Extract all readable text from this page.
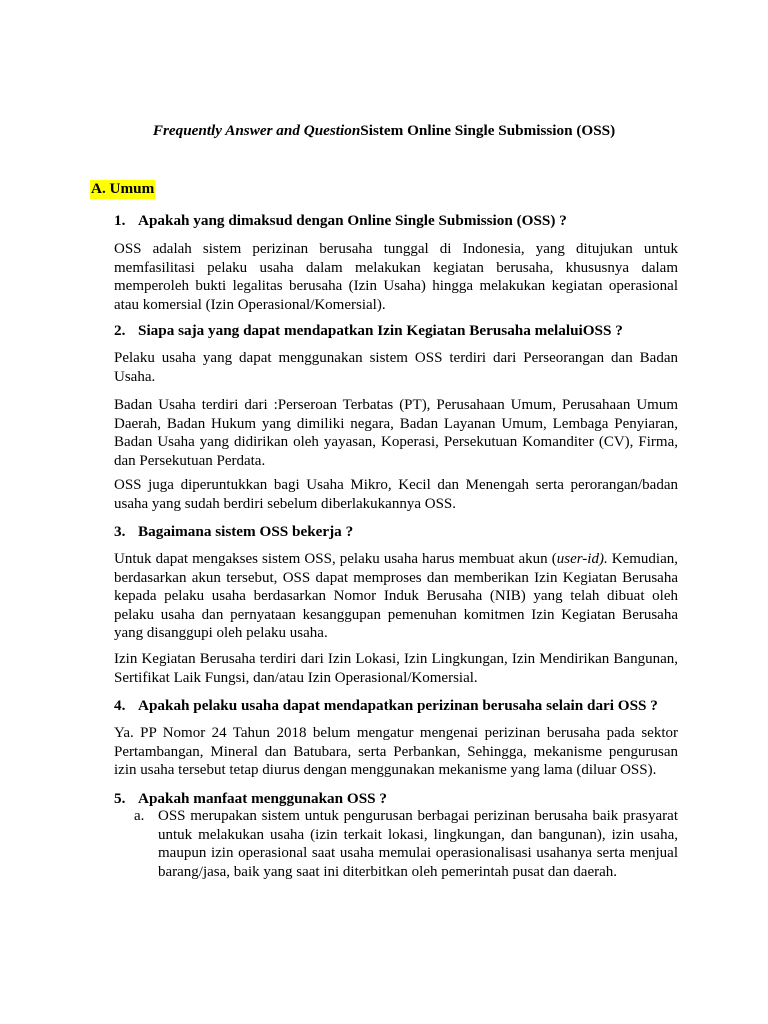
Frequently Answer and QuestionSistem Online Single Submission (OSS)
A. Umum
1. Apakah yang dimaksud dengan Online Single Submission (OSS) ?
OSS adalah sistem perizinan berusaha tunggal di Indonesia, yang ditujukan untuk memfasilitasi pelaku usaha dalam melakukan kegiatan berusaha, khususnya dalam memperoleh bukti legalitas berusaha (Izin Usaha) hingga melakukan kegiatan operasional atau komersial (Izin Operasional/Komersial).
2. Siapa saja yang dapat mendapatkan Izin Kegiatan Berusaha melaluiOSS ?
Pelaku usaha yang dapat menggunakan sistem OSS terdiri dari Perseorangan dan Badan Usaha.
Badan Usaha terdiri dari :Perseroan Terbatas (PT), Perusahaan Umum, Perusahaan Umum Daerah, Badan Hukum yang dimiliki negara, Badan Layanan Umum, Lembaga Penyiaran, Badan Usaha yang didirikan oleh yayasan, Koperasi, Persekutuan Komanditer (CV), Firma, dan Persekutuan Perdata.
OSS juga diperuntukkan bagi Usaha Mikro, Kecil dan Menengah serta perorangan/badan usaha yang sudah berdiri sebelum diberlakukannya OSS.
3. Bagaimana sistem OSS bekerja ?
Untuk dapat mengakses sistem OSS, pelaku usaha harus membuat akun (user-id). Kemudian, berdasarkan akun tersebut, OSS dapat memproses dan memberikan Izin Kegiatan Berusaha kepada pelaku usaha berdasarkan Nomor Induk Berusaha (NIB) yang telah dibuat oleh pelaku usaha dan pernyataan kesanggupan pemenuhan komitmen Izin Kegiatan Berusaha yang disanggupi oleh pelaku usaha.
Izin Kegiatan Berusaha terdiri dari Izin Lokasi, Izin Lingkungan, Izin Mendirikan Bangunan, Sertifikat Laik Fungsi, dan/atau Izin Operasional/Komersial.
4. Apakah pelaku usaha dapat mendapatkan perizinan berusaha selain dari OSS ?
Ya. PP Nomor 24 Tahun 2018 belum mengatur mengenai perizinan berusaha pada sektor Pertambangan, Mineral dan Batubara, serta Perbankan, Sehingga, mekanisme pengurusan izin usaha tersebut tetap diurus dengan menggunakan mekanisme yang lama (diluar OSS).
5. Apakah manfaat menggunakan OSS ?
a. OSS merupakan sistem untuk pengurusan berbagai perizinan berusaha baik prasyarat untuk melakukan usaha (izin terkait lokasi, lingkungan, dan bangunan), izin usaha, maupun izin operasional saat usaha memulai operasionalisasi usahanya serta menjual barang/jasa, baik yang saat ini diterbitkan oleh pemerintah pusat dan daerah.
